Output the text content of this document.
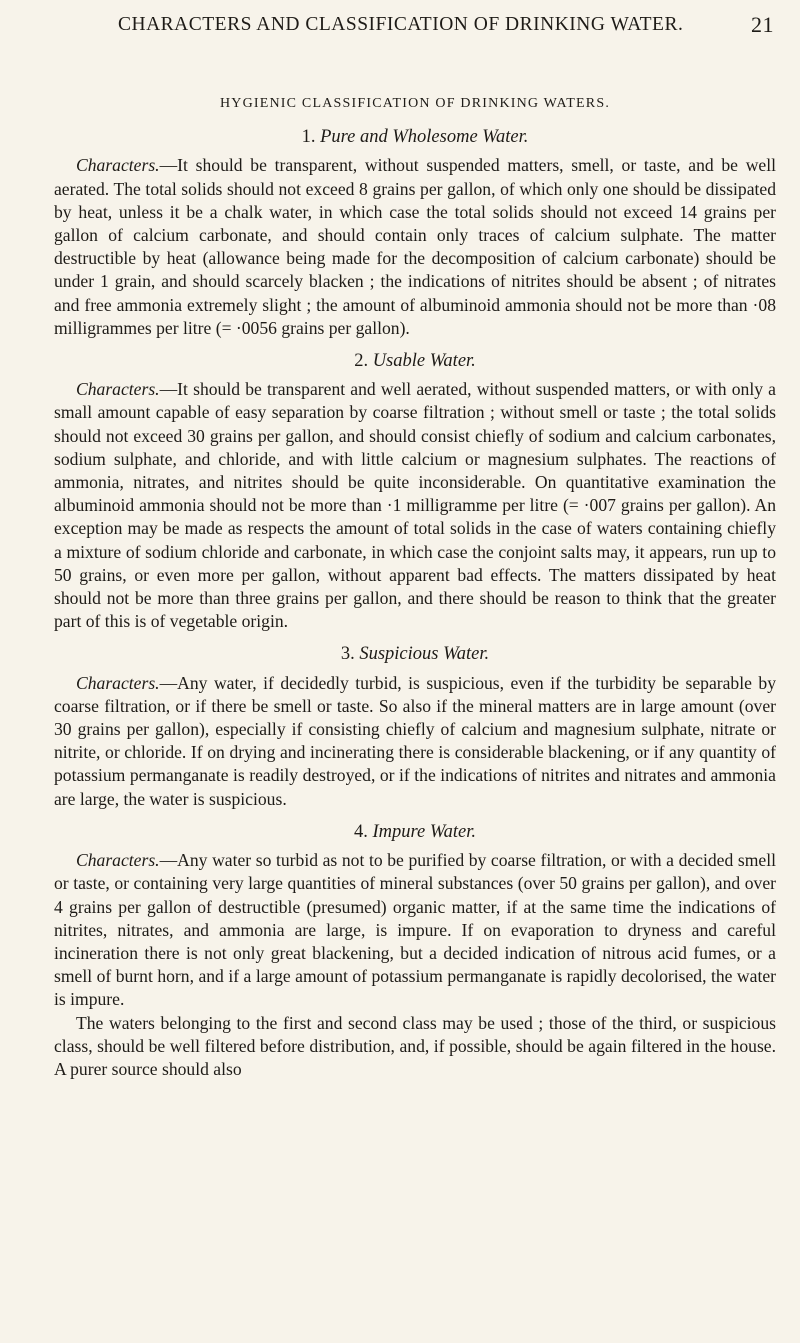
CHARACTERS AND CLASSIFICATION OF DRINKING WATER.	21
HYGIENIC CLASSIFICATION OF DRINKING WATERS.
1. Pure and Wholesome Water.

Characters.—It should be transparent, without suspended matters, smell, or taste, and be well aerated. The total solids should not exceed 8 grains per gallon, of which only one should be dissipated by heat, unless it be a chalk water, in which case the total solids should not exceed 14 grains per gallon of calcium carbonate, and should contain only traces of calcium sulphate. The matter destructible by heat (allowance being made for the decomposition of calcium carbonate) should be under 1 grain, and should scarcely blacken ; the indications of nitrites should be absent ; of nitrates and free ammonia extremely slight ; the amount of albuminoid ammonia should not be more than ·08 milligrammes per litre (= ·0056 grains per gallon).

2. Usable Water.

Characters.—It should be transparent and well aerated, without suspended matters, or with only a small amount capable of easy separation by coarse filtration ; without smell or taste ; the total solids should not exceed 30 grains per gallon, and should consist chiefly of sodium and calcium carbonates, sodium sulphate, and chloride, and with little calcium or magnesium sulphates. The reactions of ammonia, nitrates, and nitrites should be quite inconsiderable. On quantitative examination the albuminoid ammonia should not be more than ·1 milligramme per litre (= ·007 grains per gallon). An exception may be made as respects the amount of total solids in the case of waters containing chiefly a mixture of sodium chloride and carbonate, in which case the conjoint salts may, it appears, run up to 50 grains, or even more per gallon, without apparent bad effects. The matters dissipated by heat should not be more than three grains per gallon, and there should be reason to think that the greater part of this is of vegetable origin.

3. Suspicious Water.

Characters.—Any water, if decidedly turbid, is suspicious, even if the turbidity be separable by coarse filtration, or if there be smell or taste. So also if the mineral matters are in large amount (over 30 grains per gallon), especially if consisting chiefly of calcium and magnesium sulphate, nitrate or nitrite, or chloride. If on drying and incinerating there is considerable blackening, or if any quantity of potassium permanganate is readily destroyed, or if the indications of nitrites and nitrates and ammonia are large, the water is suspicious.

4. Impure Water.

Characters.—Any water so turbid as not to be purified by coarse filtration, or with a decided smell or taste, or containing very large quantities of mineral substances (over 50 grains per gallon), and over 4 grains per gallon of destructible (presumed) organic matter, if at the same time the indications of nitrites, nitrates, and ammonia are large, is impure. If on evaporation to dryness and careful incineration there is not only great blackening, but a decided indication of nitrous acid fumes, or a smell of burnt horn, and if a large amount of potassium permanganate is rapidly decolorised, the water is impure.

The waters belonging to the first and second class may be used ; those of the third, or suspicious class, should be well filtered before distribution, and, if possible, should be again filtered in the house. A purer source should also
